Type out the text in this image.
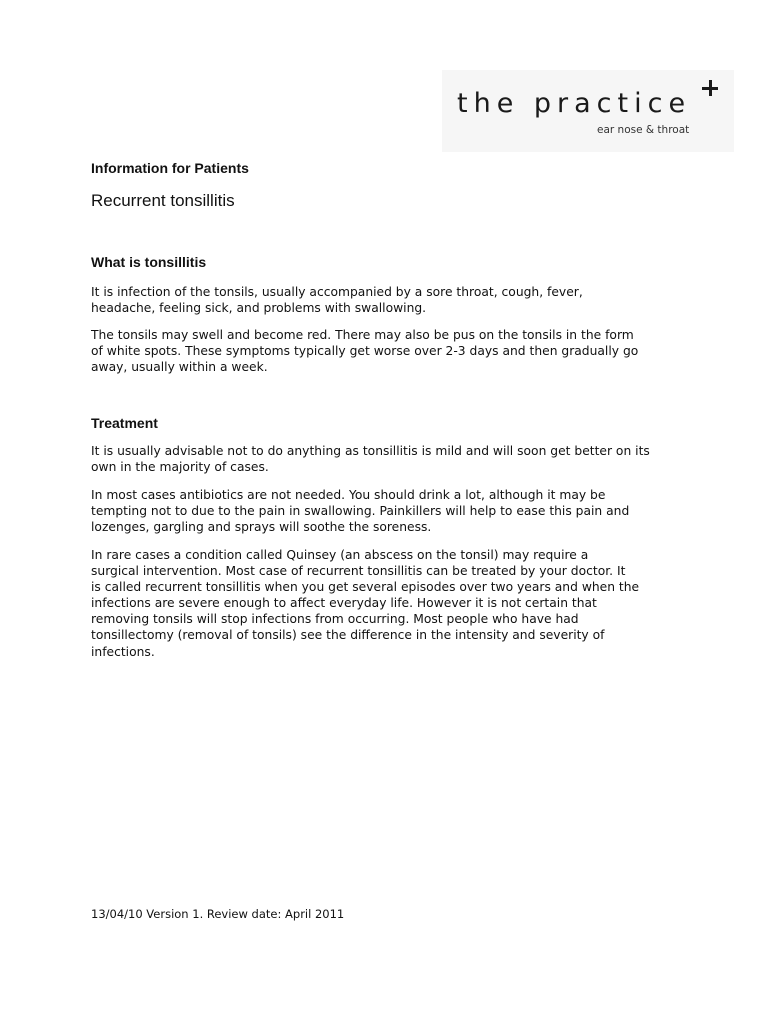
the practice
ear nose & throat
Information for Patients
Recurrent tonsillitis
What is tonsillitis
It is infection of the tonsils, usually accompanied by a sore throat, cough, fever,
headache, feeling sick, and problems with swallowing.
The tonsils may swell and become red. There may also be pus on the tonsils in the form
of white spots. These symptoms typically get worse over 2-3 days and then gradually go
away, usually within a week.
Treatment
It is usually advisable not to do anything as tonsillitis is mild and will soon get better on its
own in the majority of cases.
In most cases antibiotics are not needed. You should drink a lot, although it may be
tempting not to due to the pain in swallowing. Painkillers will help to ease this pain and
lozenges, gargling and sprays will soothe the soreness.
In rare cases a condition called Quinsey (an abscess on the tonsil) may require a
surgical intervention. Most case of recurrent tonsillitis can be treated by your doctor. It
is called recurrent tonsillitis when you get several episodes over two years and when the
infections are severe enough to affect everyday life. However it is not certain that
removing tonsils will stop infections from occurring. Most people who have had
tonsillectomy (removal of tonsils) see the difference in the intensity and severity of
infections.
13/04/10 Version 1. Review date: April 2011
